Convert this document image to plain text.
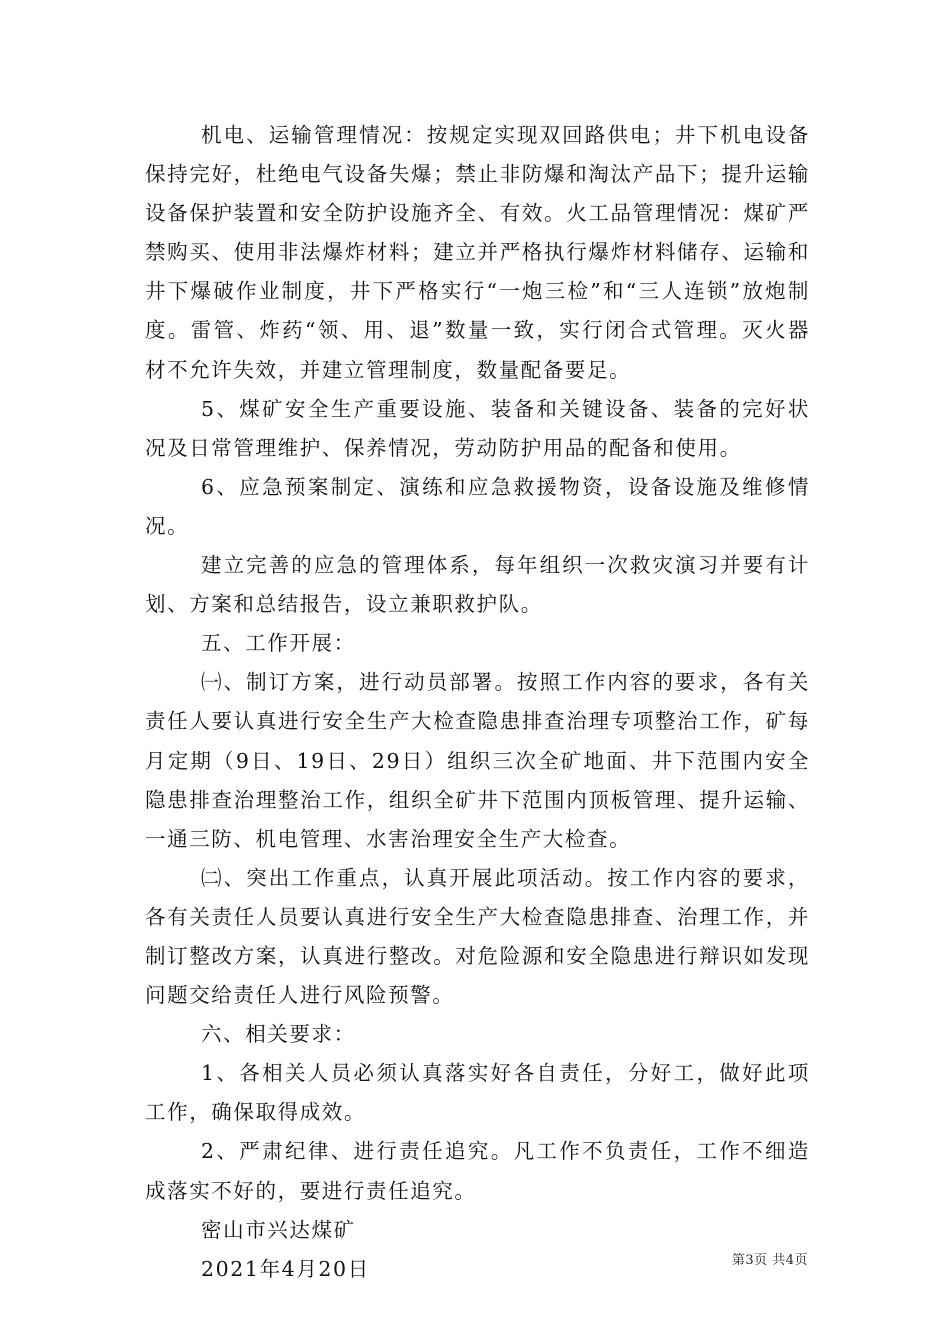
机电、运输管理情况：按规定实现双回路供电；井下机电设备保持完好，杜绝电气设备失爆；禁止非防爆和淘汰产品下；提升运输设备保护装置和安全防护设施齐全、有效。火工品管理情况：煤矿严禁购买、使用非法爆炸材料；建立并严格执行爆炸材料储存、运输和井下爆破作业制度，井下严格实行“一炮三检”和“三人连锁”放炮制度。雷管、炸药“领、用、退”数量一致，实行闭合式管理。灭火器材不允许失效，并建立管理制度，数量配备要足。

5、煤矿安全生产重要设施、装备和关键设备、装备的完好状况及日常管理维护、保养情况，劳动防护用品的配备和使用。

6、应急预案制定、演练和应急救援物资，设备设施及维修情况。

建立完善的应急的管理体系，每年组织一次救灾演习并要有计划、方案和总结报告，设立兼职救护队。

五、工作开展：

㈠、制订方案，进行动员部署。按照工作内容的要求，各有关责任人要认真进行安全生产大检查隐患排查治理专项整治工作，矿每月定期（9日、19日、29日）组织三次全矿地面、井下范围内安全隐患排查治理整治工作，组织全矿井下范围内顶板管理、提升运输、一通三防、机电管理、水害治理安全生产大检查。

㈡、突出工作重点，认真开展此项活动。按工作内容的要求，各有关责任人员要认真进行安全生产大检查隐患排查、治理工作，并制订整改方案，认真进行整改。对危险源和安全隐患进行辩识如发现问题交给责任人进行风险预警。

六、相关要求：

1、各相关人员必须认真落实好各自责任，分好工，做好此项工作，确保取得成效。

2、严肃纪律、进行责任追究。凡工作不负责任，工作不细造成落实不好的，要进行责任追究。

密山市兴达煤矿

2021年4月20日	第3页 共4页
